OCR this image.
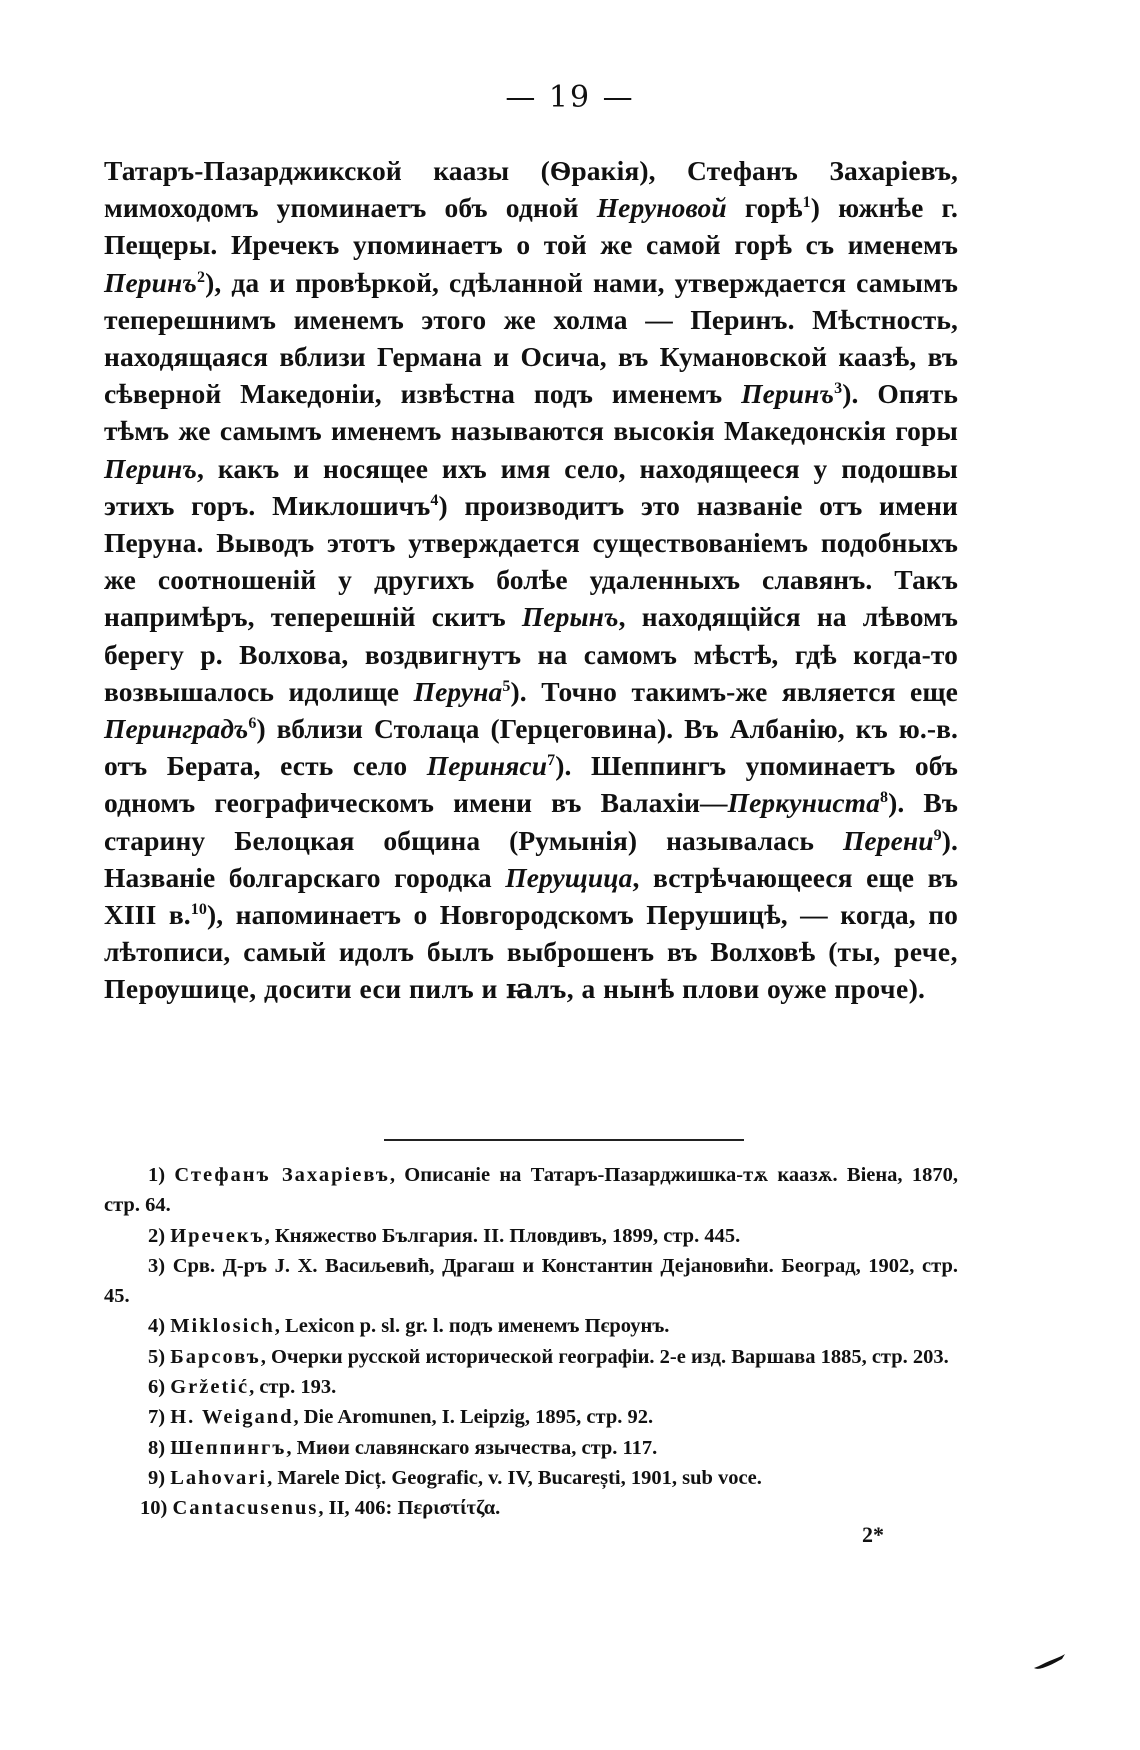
— 19 —

Татаръ-Пазарджикской каазы (Ѳракія), Стефанъ Захаріевъ, мимоходомъ упоминаетъ объ одной Неруновой горѣ$^1$) южнѣе г. Пещеры. Иречекъ упоминаетъ о той же самой горѣ съ именемъ Перинъ$^2$), да и провѣркой, сдѣланной нами, утверждается самымъ теперешнимъ именемъ этого же холма — Перинъ. Мѣстность, находящаяся вблизи Германа и Осича, въ Кумановской каазѣ, въ сѣверной Македоніи, извѣстна подъ именемъ Перинъ$^3$). Опять тѣмъ же самымъ именемъ называются высокія Македонскія горы Перинъ, какъ и носящее ихъ имя село, находящееся у подошвы этихъ горъ. Миклошичъ$^4$) производитъ это названіе отъ имени Перуна. Выводъ этотъ утверждается существованіемъ подобныхъ же соотношеній у другихъ болѣе удаленныхъ славянъ. Такъ напримѣръ, теперешній скитъ Перынъ, находящійся на лѣвомъ берегу р. Волхова, воздвигнутъ на самомъ мѣстѣ, гдѣ когда-то возвышалось идолище Перуна$^5$). Точно такимъ-же является еще Перинградъ$^6$) вблизи Столаца (Герцеговина). Въ Албанію, къ ю.-в. отъ Берата, есть село Периняси$^7$). Шеппингъ упоминаетъ объ одномъ географическомъ имени въ Валахіи—Перкуниста$^8$). Въ старину Белоцкая община (Румынія) называлась Перени$^9$). Названіе болгарскаго городка Перущица, встрѣчающееся еще въ XIII в.$^{10}$), напоминаетъ о Новгородскомъ Перушицѣ, — когда, по лѣтописи, самый идолъ былъ выброшенъ въ Волховѣ (ты, рече, Перѹшице, досити еси пилъ и ꙗлъ, а нынѣ плови оуже проче).

1) Стефанъ Захаріевъ, Описаніе на Татаръ-Пазарджишка-тѫ каазѫ. Віена, 1870, стр. 64.

2) Иречекъ, Княжество България. II. Пловдивъ, 1899, стр. 445.

3) Срв. Д-ръ J. X. Васиљевић, Драгаш и Константин Дејановићи. Београд, 1902, стр. 45.

4) Miklosich, Lexicon p. sl. gr. l. подъ именемъ Пєроунъ.

5) Барсовъ, Очерки русской исторической географіи. 2-е изд. Варшава 1885, стр. 203.

6) Gržetić, стр. 193.

7) H. Weigand, Die Aromunen, I. Leipzig, 1895, стр. 92.

8) Шеппингъ, Миѳи славянскаго язычества, стр. 117.

9) Lahovari, Marele Dicț. Geografic, v. IV, Bucarești, 1901, sub voce.

10) Cantacusenus, II, 406: Περιστίτζα.

2*
